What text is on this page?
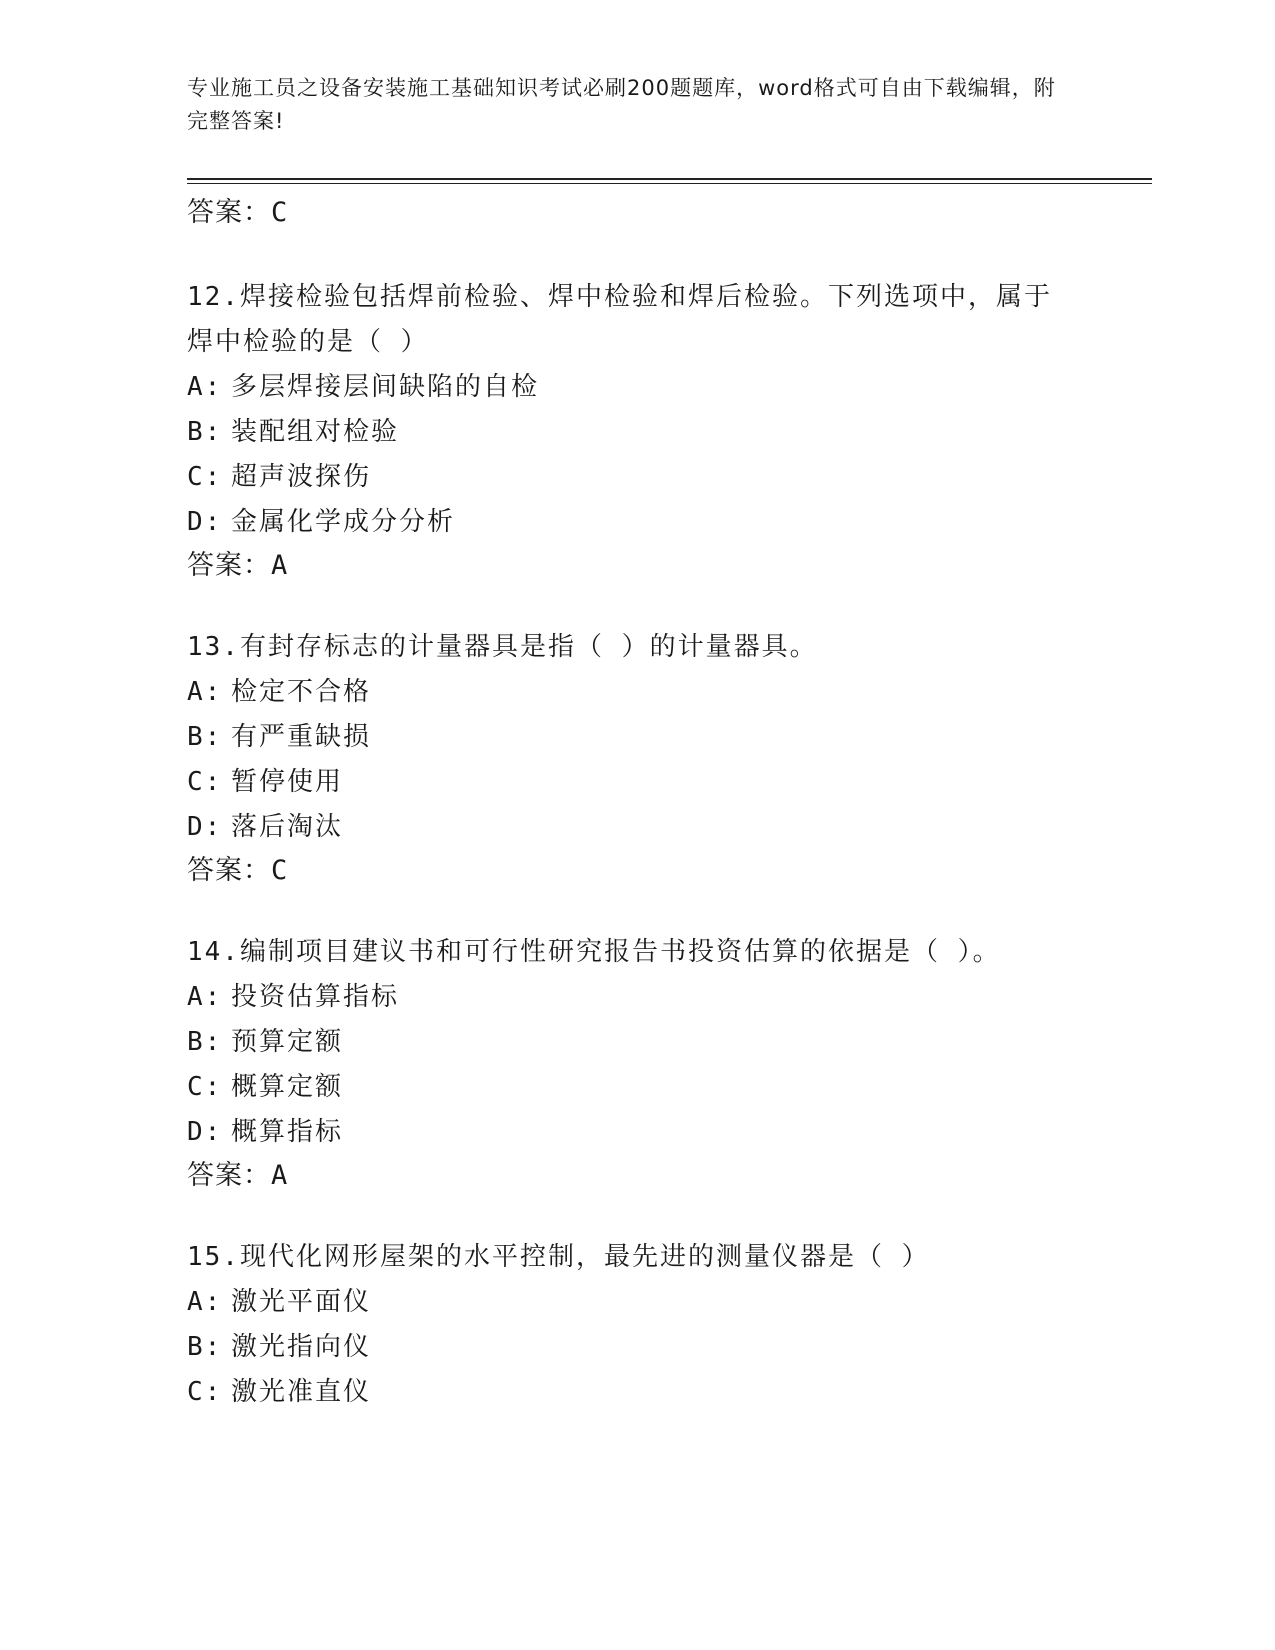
专业施工员之设备安装施工基础知识考试必刷200题题库，word格式可自由下载编辑，附完整答案!
答案：C
12.焊接检验包括焊前检验、焊中检验和焊后检验。下列选项中，属于焊中检验的是（ ）
A: 多层焊接层间缺陷的自检
B: 装配组对检验
C: 超声波探伤
D: 金属化学成分分析
答案：A
13.有封存标志的计量器具是指（ ）的计量器具。
A: 检定不合格
B: 有严重缺损
C: 暂停使用
D: 落后淘汰
答案：C
14.编制项目建议书和可行性研究报告书投资估算的依据是（ ）。
A: 投资估算指标
B: 预算定额
C: 概算定额
D: 概算指标
答案：A
15.现代化网形屋架的水平控制，最先进的测量仪器是（ ）
A: 激光平面仪
B: 激光指向仪
C: 激光准直仪
